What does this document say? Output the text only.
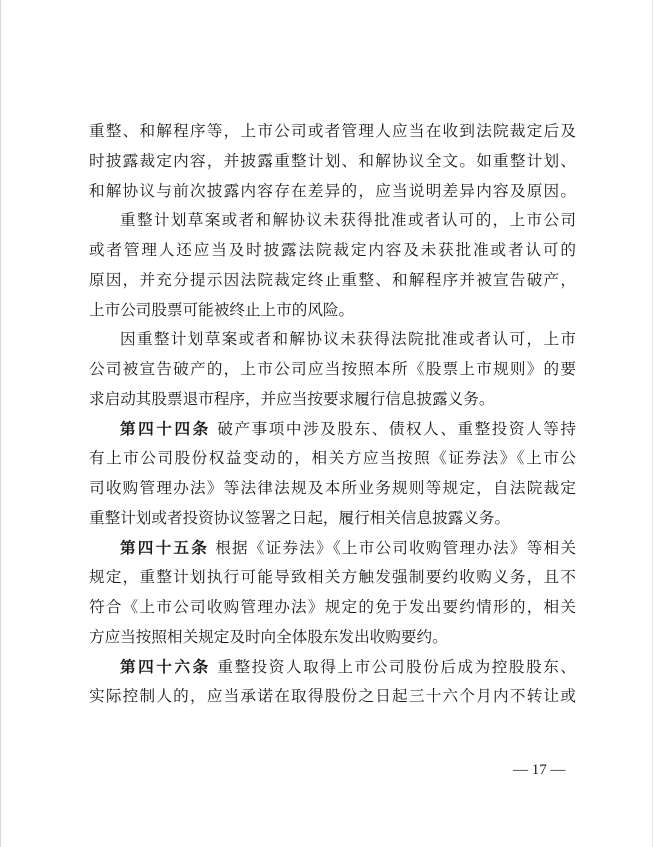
重整、和解程序等，上市公司或者管理人应当在收到法院裁定后及
时披露裁定内容，并披露重整计划、和解协议全文。如重整计划、
和解协议与前次披露内容存在差异的，应当说明差异内容及原因。
重整计划草案或者和解协议未获得批准或者认可的，上市公司
或者管理人还应当及时披露法院裁定内容及未获批准或者认可的
原因，并充分提示因法院裁定终止重整、和解程序并被宣告破产，
上市公司股票可能被终止上市的风险。
因重整计划草案或者和解协议未获得法院批准或者认可，上市
公司被宣告破产的，上市公司应当按照本所《股票上市规则》的要
求启动其股票退市程序，并应当按要求履行信息披露义务。
第四十四条 破产事项中涉及股东、债权人、重整投资人等持
有上市公司股份权益变动的，相关方应当按照《证券法》《上市公
司收购管理办法》等法律法规及本所业务规则等规定，自法院裁定
重整计划或者投资协议签署之日起，履行相关信息披露义务。
第四十五条 根据《证券法》《上市公司收购管理办法》等相关
规定，重整计划执行可能导致相关方触发强制要约收购义务，且不
符合《上市公司收购管理办法》规定的免于发出要约情形的，相关
方应当按照相关规定及时向全体股东发出收购要约。
第四十六条 重整投资人取得上市公司股份后成为控股股东、
实际控制人的，应当承诺在取得股份之日起三十六个月内不转让或
— 17 —
